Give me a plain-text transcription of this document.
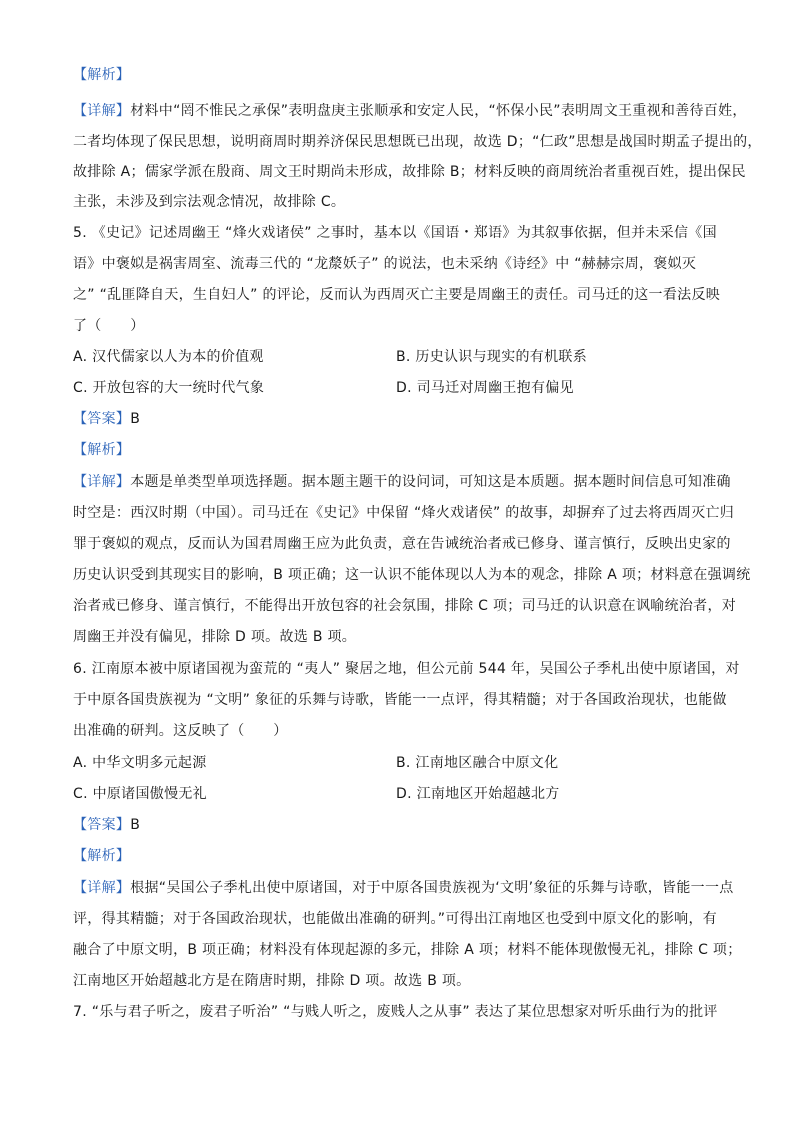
【解析】
【详解】材料中“罔不惟民之承保”表明盘庚主张顺承和安定人民，“怀保小民”表明周文王重视和善待百姓，
二者均体现了保民思想，说明商周时期养济保民思想既已出现，故选 D；“仁政”思想是战国时期孟子提出的，
故排除 A；儒家学派在殷商、周文王时期尚未形成，故排除 B；材料反映的商周统治者重视百姓，提出保民
主张，未涉及到宗法观念情况，故排除 C。
5. 《史记》记述周幽王 “烽火戏诸侯” 之事时，基本以《国语・郑语》为其叙事依据，但并未采信《国
语》中褒姒是祸害周室、流毒三代的 “龙漦妖子” 的说法，也未采纳《诗经》中 “赫赫宗周，褒姒灭
之” “乱匪降自天，生自妇人” 的评论，反而认为西周灭亡主要是周幽王的责任。司马迁的这一看法反映
了（　　）
A. 汉代儒家以人为本的价值观	B. 历史认识与现实的有机联系
C. 开放包容的大一统时代气象	D. 司马迁对周幽王抱有偏见
【答案】B
【解析】
【详解】本题是单类型单项选择题。据本题主题干的设问词，可知这是本质题。据本题时间信息可知准确
时空是：西汉时期（中国）。司马迁在《史记》中保留 “烽火戏诸侯” 的故事，却摒弃了过去将西周灭亡归
罪于褒姒的观点，反而认为国君周幽王应为此负责，意在告诫统治者戒已修身、谨言慎行，反映出史家的
历史认识受到其现实目的影响，B 项正确；这一认识不能体现以人为本的观念，排除 A 项；材料意在强调统
治者戒已修身、谨言慎行，不能得出开放包容的社会氛围，排除 C 项；司马迁的认识意在讽喻统治者，对
周幽王并没有偏见，排除 D 项。故选 B 项。
6. 江南原本被中原诸国视为蛮荒的 “夷人” 聚居之地，但公元前 544 年，吴国公子季札出使中原诸国，对
于中原各国贵族视为 “文明” 象征的乐舞与诗歌，皆能一一点评，得其精髓；对于各国政治现状，也能做
出准确的研判。这反映了（　　）
A. 中华文明多元起源	B. 江南地区融合中原文化
C. 中原诸国傲慢无礼	D. 江南地区开始超越北方
【答案】B
【解析】
【详解】根据“吴国公子季札出使中原诸国，对于中原各国贵族视为‘文明’象征的乐舞与诗歌，皆能一一点
评，得其精髓；对于各国政治现状，也能做出准确的研判。”可得出江南地区也受到中原文化的影响，有
融合了中原文明，B 项正确；材料没有体现起源的多元，排除 A 项；材料不能体现傲慢无礼，排除 C 项；
江南地区开始超越北方是在隋唐时期，排除 D 项。故选 B 项。
7. “乐与君子听之，废君子听治” “与贱人听之，废贱人之从事” 表达了某位思想家对听乐曲行为的批评
